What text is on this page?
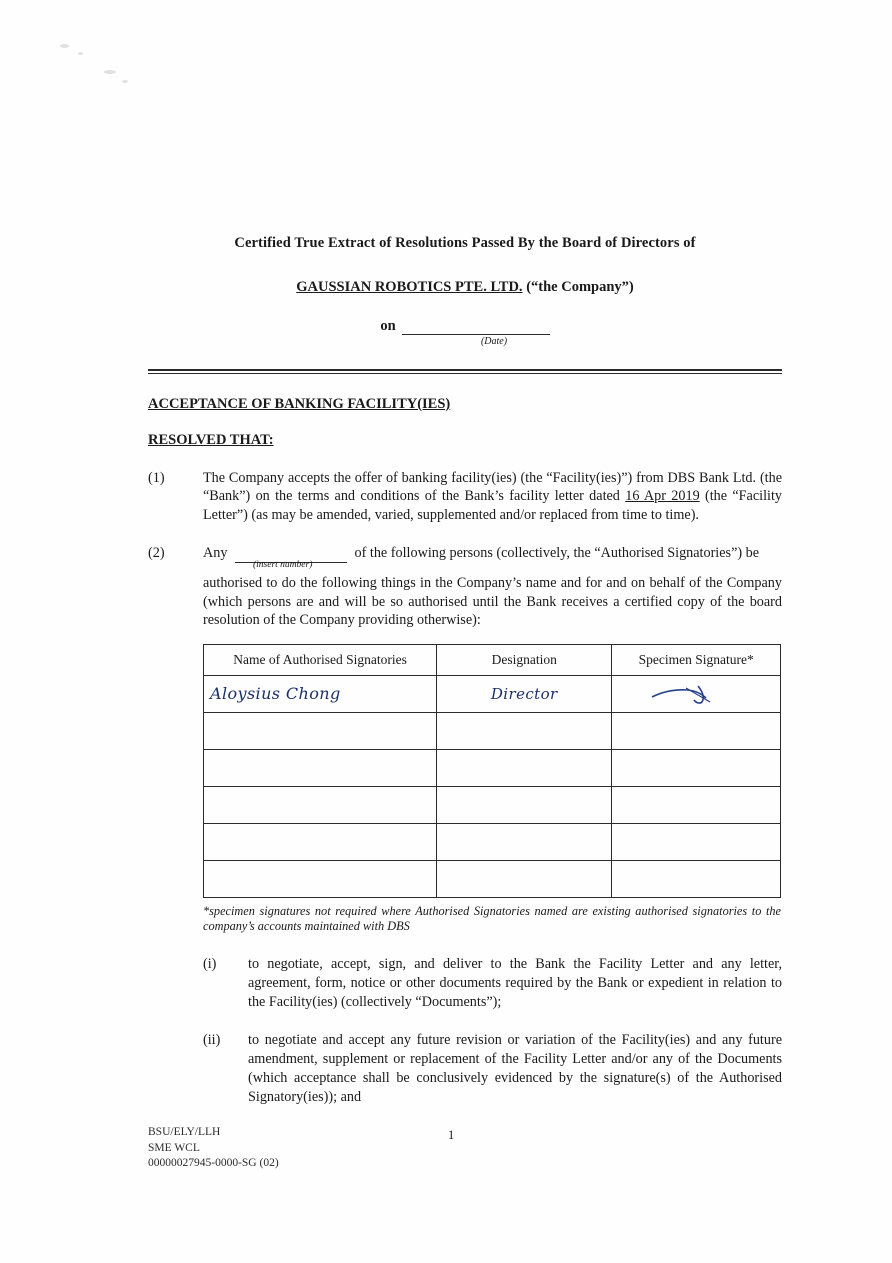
Certified True Extract of Resolutions Passed By the Board of Directors of
GAUSSIAN ROBOTICS PTE. LTD. (“the Company”)
on
(Date)
ACCEPTANCE OF BANKING FACILITY(IES)
RESOLVED THAT:
(1)	The Company accepts the offer of banking facility(ies) (the “Facility(ies)”) from DBS Bank Ltd. (the “Bank”) on the terms and conditions of the Bank’s facility letter dated 16 Apr 2019 (the “Facility Letter”) (as may be amended, varied, supplemented and/or replaced from time to time).
(2)	Any	of the following persons (collectively, the “Authorised Signatories”) be
(insert number)
authorised to do the following things in the Company’s name and for and on behalf of the Company (which persons are and will be so authorised until the Bank receives a certified copy of the board resolution of the Company providing otherwise):
Name of Authorised Signatories	Designation	Specimen Signature*
Aloysius Chong	Director	

*specimen signatures not required where Authorised Signatories named are existing authorised signatories to the company’s accounts maintained with DBS
(i)	to negotiate, accept, sign, and deliver to the Bank the Facility Letter and any letter, agreement, form, notice or other documents required by the Bank or expedient in relation to the Facility(ies) (collectively “Documents”);
(ii)	to negotiate and accept any future revision or variation of the Facility(ies) and any future amendment, supplement or replacement of the Facility Letter and/or any of the Documents (which acceptance shall be conclusively evidenced by the signature(s) of the Authorised Signatory(ies)); and
BSU/ELY/LLH
SME WCL
00000027945-0000-SG (02)
1
